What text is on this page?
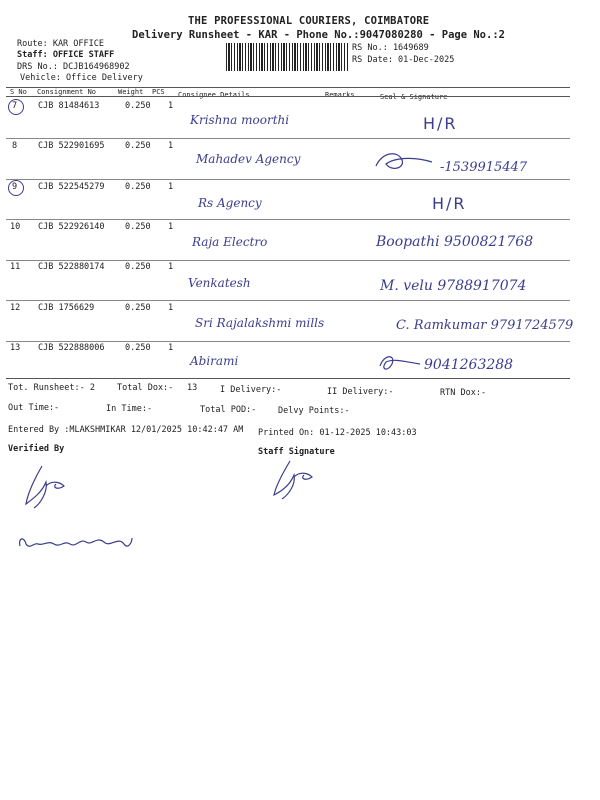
THE PROFESSIONAL COURIERS, COIMBATORE
Delivery Runsheet - KAR - Phone No.:9047080280 - Page No.:2
Route: KAR OFFICE
Staff: OFFICE STAFF
DRS No.: DCJB164968902
Vehicle: Office Delivery
RS No.: 1649689
RS Date: 01-Dec-2025
S No Consignment No	Weight PCS Consignee Details	Remarks	Seal & Signature
7 CJB 81484613	0.250 1
Krishna moorthi	H/R
8 CJB 522901695 0.250 1
Mahadev Agency
-1539915447
9 CJB 522545279 0.250 1
Rs Agency	H/R
10 CJB 522926140 0.250 1
Raja Electro	Boopathi 9500821768
11 CJB 522880174 0.250 1
Venkatesh	M. velu 9788917074
12 CJB 1756629	0.250 1
Sri Rajalakshmi mills	C. Ramkumar 9791724579
13 CJB 522888006 0.250 1
Abirami	9041263288
Tot. Runsheet:- 2	Total Dox:- 13	I Delivery:-	II Delivery:-	RTN Dox:-
Out Time:-	In Time:-	Total POD:-	Delvy Points:-
Entered By :MLAKSHMIKAR 12/01/2025 10:42:47 AM Printed On: 01-12-2025 10:43:03
Verified By	Staff Signature
